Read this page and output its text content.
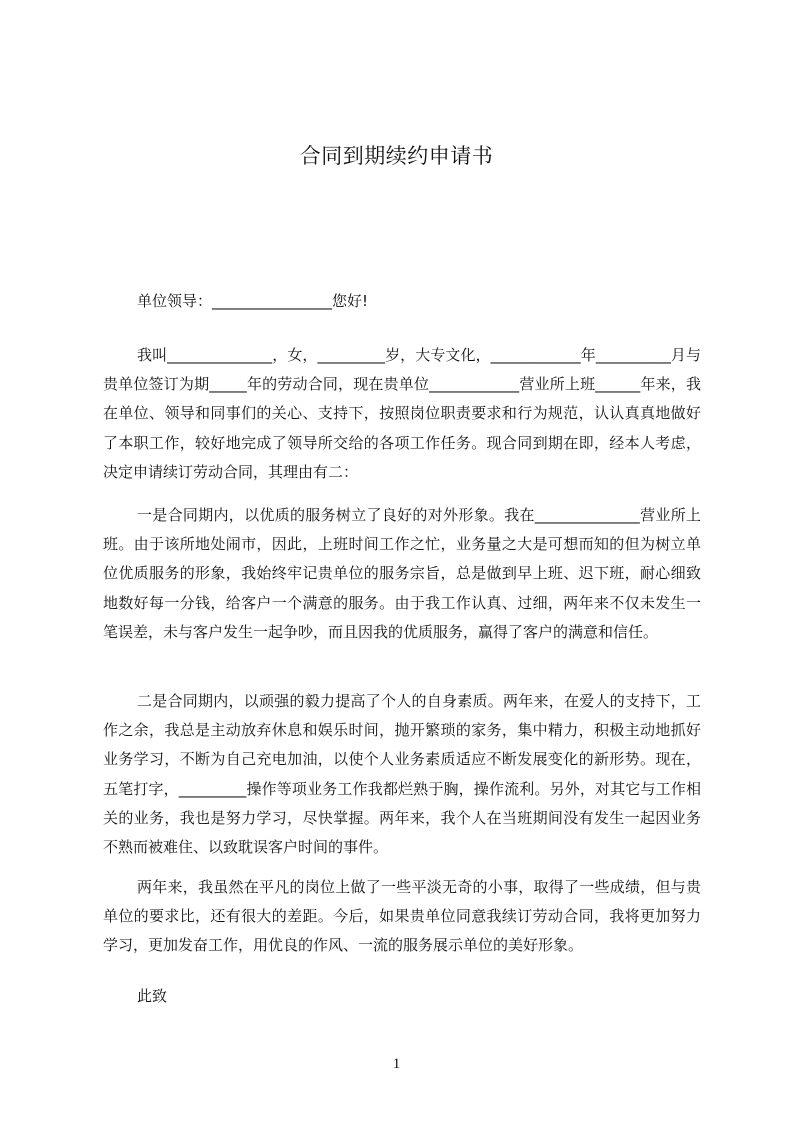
合同到期续约申请书
单位领导：________________您好!

我叫______________，女，_________岁，大专文化，____________年__________月与贵单位签订为期_____年的劳动合同，现在贵单位____________营业所上班______年来，我在单位、领导和同事们的关心、支持下，按照岗位职责要求和行为规范，认认真真地做好了本职工作，较好地完成了领导所交给的各项工作任务。现合同到期在即，经本人考虑，决定申请续订劳动合同，其理由有二：

一是合同期内，以优质的服务树立了良好的对外形象。我在______________营业所上班。由于该所地处闹市，因此，上班时间工作之忙，业务量之大是可想而知的但为树立单位优质服务的形象，我始终牢记贵单位的服务宗旨，总是做到早上班、迟下班，耐心细致地数好每一分钱，给客户一个满意的服务。由于我工作认真、过细，两年来不仅未发生一笔误差，未与客户发生一起争吵，而且因我的优质服务，赢得了客户的满意和信任。

二是合同期内，以顽强的毅力提高了个人的自身素质。两年来，在爱人的支持下，工作之余，我总是主动放弃休息和娱乐时间，抛开繁琐的家务，集中精力，积极主动地抓好业务学习，不断为自己充电加油，以使个人业务素质适应不断发展变化的新形势。现在，五笔打字，_________操作等项业务工作我都烂熟于胸，操作流利。另外，对其它与工作相关的业务，我也是努力学习，尽快掌握。两年来，我个人在当班期间没有发生一起因业务不熟而被难住、以致耽误客户时间的事件。

两年来，我虽然在平凡的岗位上做了一些平淡无奇的小事，取得了一些成绩，但与贵单位的要求比，还有很大的差距。今后，如果贵单位同意我续订劳动合同，我将更加努力学习，更加发奋工作，用优良的作风、一流的服务展示单位的美好形象。

此致
1
